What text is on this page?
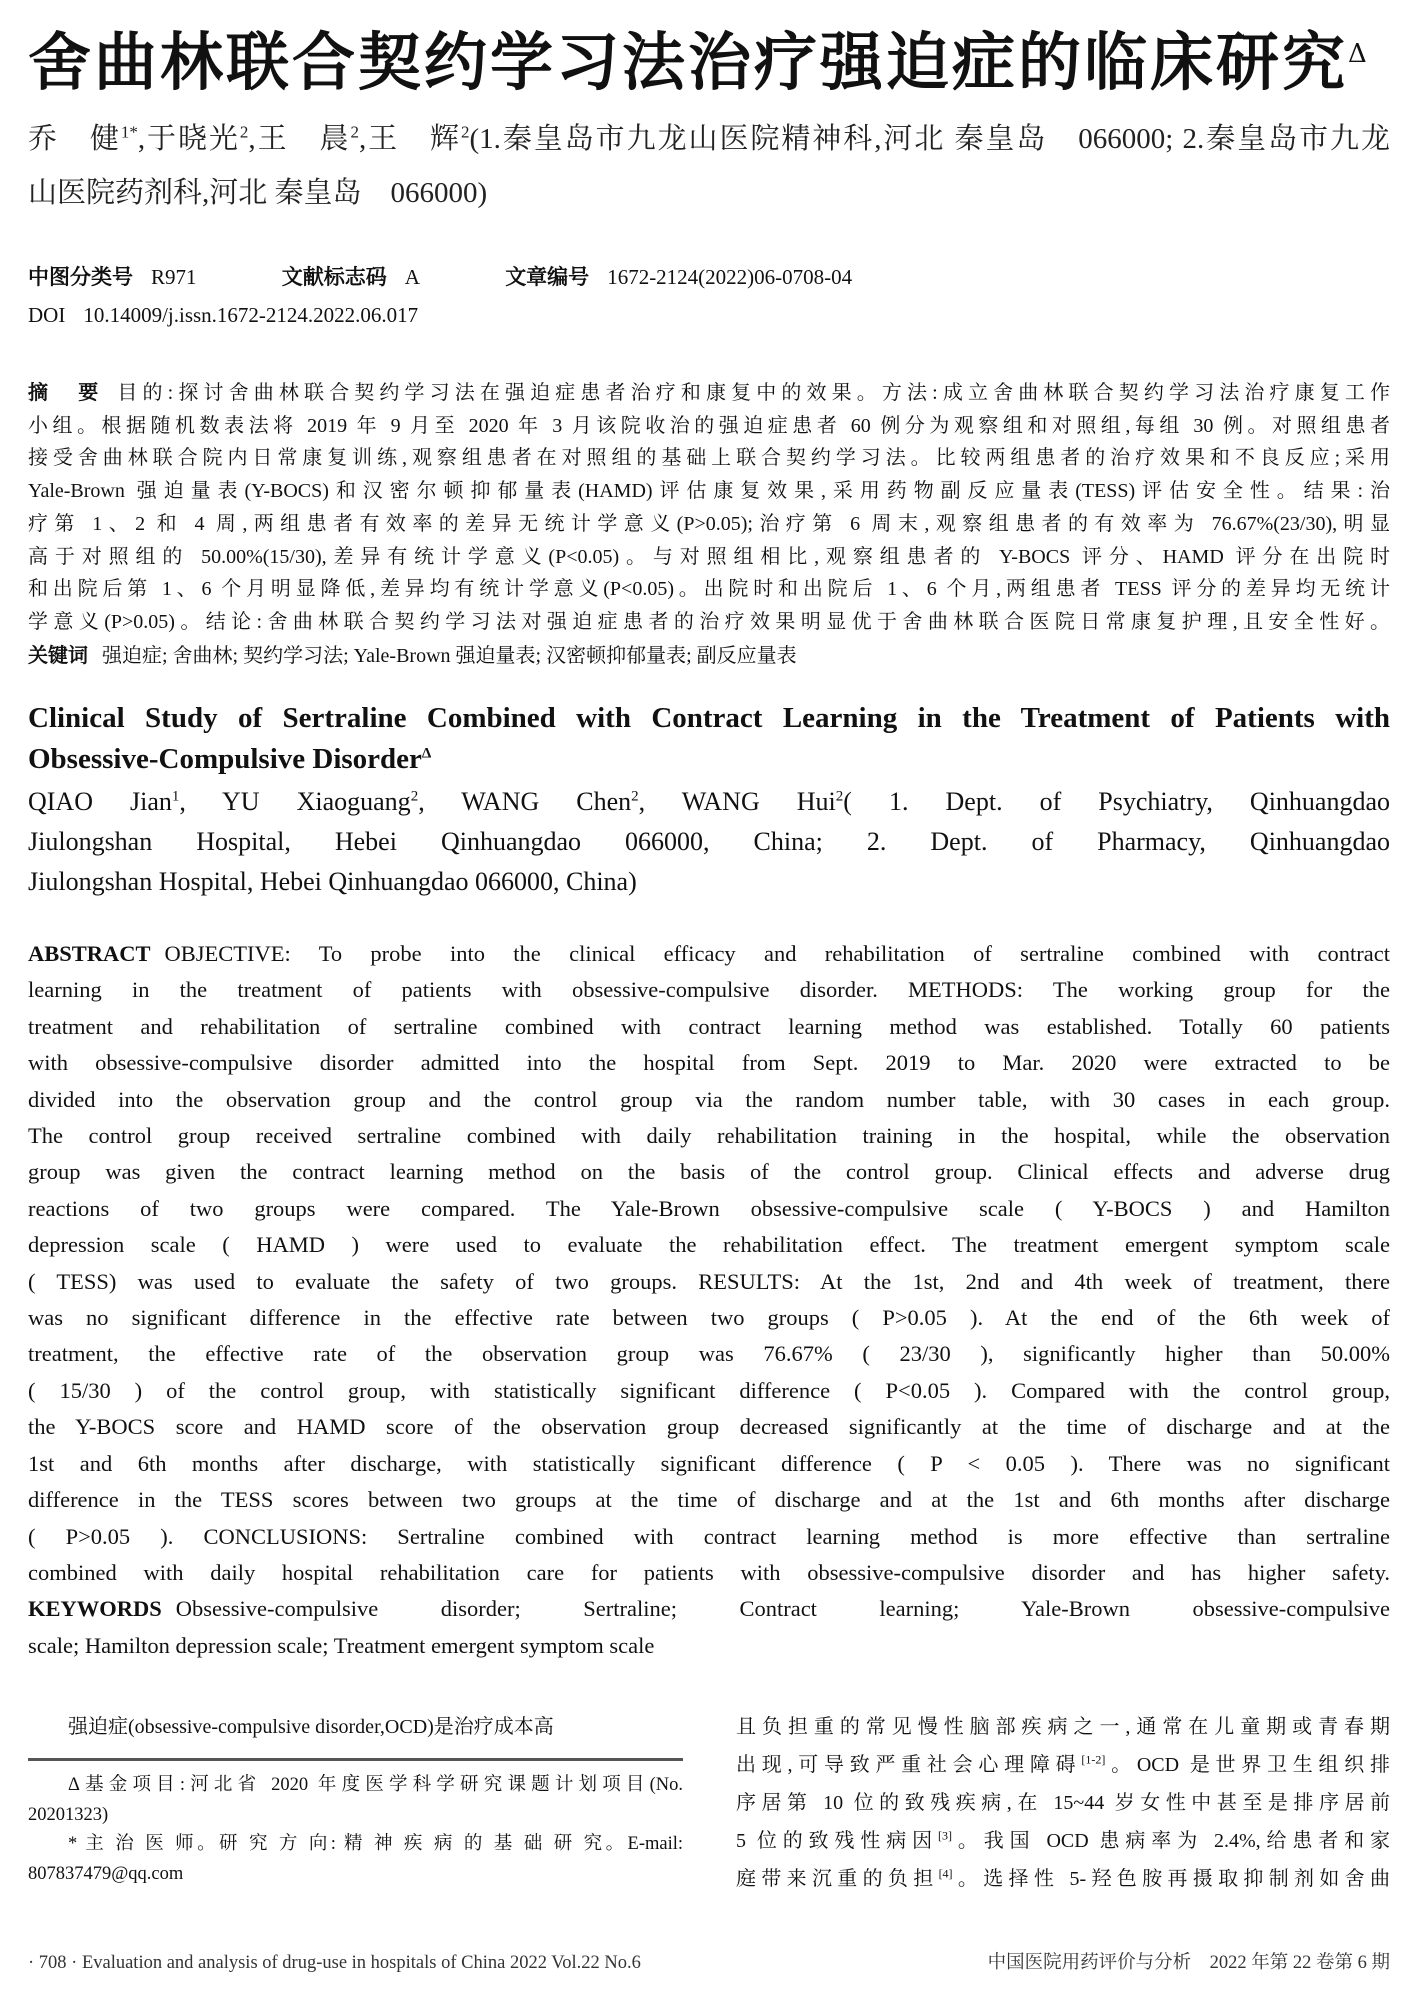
舍曲林联合契约学习法治疗强迫症的临床研究$^\Delta$
乔　健$^{1*}$,于晓光$^2$,王　晨$^2$,王　辉$^2$(1.秦皇岛市九龙山医院精神科,河北 秦皇岛　066000; 2.秦皇岛市九龙
山医院药剂科,河北 秦皇岛　066000)
中图分类号 R971	文献标志码 A	文章编号 1672-2124(2022)06-0708-04
DOI 10.14009/j.issn.1672-2124.2022.06.017
摘　要 目的:探讨舍曲林联合契约学习法在强迫症患者治疗和康复中的效果。方法:成立舍曲林联合契约学习法治疗康复工作
小组。根据随机数表法将 2019 年 9 月至 2020 年 3 月该院收治的强迫症患者 60 例分为观察组和对照组,每组 30 例。对照组患者
接受舍曲林联合院内日常康复训练,观察组患者在对照组的基础上联合契约学习法。比较两组患者的治疗效果和不良反应;采用
Yale-Brown 强迫量表(Y-BOCS)和汉密尔顿抑郁量表(HAMD)评估康复效果,采用药物副反应量表(TESS)评估安全性。结果:治
疗第 1、2 和 4 周,两组患者有效率的差异无统计学意义(P>0.05);治疗第 6 周末,观察组患者的有效率为 76.67%(23/30),明显
高于对照组的 50.00%(15/30),差异有统计学意义(P<0.05)。与对照组相比,观察组患者的 Y-BOCS 评分、HAMD 评分在出院时
和出院后第 1、6 个月明显降低,差异均有统计学意义(P<0.05)。出院时和出院后 1、6 个月,两组患者 TESS 评分的差异均无统计
学意义(P>0.05)。结论:舍曲林联合契约学习法对强迫症患者的治疗效果明显优于舍曲林联合医院日常康复护理,且安全性好。
关键词 强迫症; 舍曲林; 契约学习法; Yale-Brown 强迫量表; 汉密顿抑郁量表; 副反应量表
Clinical Study of Sertraline Combined with Contract Learning in the Treatment of Patients with
Obsessive-Compulsive Disorder$^\Delta$
QIAO Jian$^1$, YU Xiaoguang$^2$, WANG Chen$^2$, WANG Hui$^2$( 1. Dept. of Psychiatry, Qinhuangdao
Jiulongshan Hospital, Hebei Qinhuangdao 066000, China; 2. Dept. of Pharmacy, Qinhuangdao
Jiulongshan Hospital, Hebei Qinhuangdao 066000, China)
ABSTRACT OBJECTIVE: To probe into the clinical efficacy and rehabilitation of sertraline combined with contract
learning in the treatment of patients with obsessive-compulsive disorder. METHODS: The working group for the
treatment and rehabilitation of sertraline combined with contract learning method was established. Totally 60 patients
with obsessive-compulsive disorder admitted into the hospital from Sept. 2019 to Mar. 2020 were extracted to be
divided into the observation group and the control group via the random number table, with 30 cases in each group.
The control group received sertraline combined with daily rehabilitation training in the hospital, while the observation
group was given the contract learning method on the basis of the control group. Clinical effects and adverse drug
reactions of two groups were compared. The Yale-Brown obsessive-compulsive scale ( Y-BOCS ) and Hamilton
depression scale ( HAMD ) were used to evaluate the rehabilitation effect. The treatment emergent symptom scale
( TESS) was used to evaluate the safety of two groups. RESULTS: At the 1st, 2nd and 4th week of treatment, there
was no significant difference in the effective rate between two groups ( P>0.05 ). At the end of the 6th week of
treatment, the effective rate of the observation group was 76.67% ( 23/30 ), significantly higher than 50.00%
( 15/30 ) of the control group, with statistically significant difference ( P<0.05 ). Compared with the control group,
the Y-BOCS score and HAMD score of the observation group decreased significantly at the time of discharge and at the
1st and 6th months after discharge, with statistically significant difference ( P < 0.05 ). There was no significant
difference in the TESS scores between two groups at the time of discharge and at the 1st and 6th months after discharge
( P>0.05 ). CONCLUSIONS: Sertraline combined with contract learning method is more effective than sertraline
combined with daily hospital rehabilitation care for patients with obsessive-compulsive disorder and has higher safety.
KEYWORDS Obsessive-compulsive disorder; Sertraline; Contract learning; Yale-Brown obsessive-compulsive
scale; Hamilton depression scale; Treatment emergent symptom scale
强迫症(obsessive-compulsive disorder,OCD)是治疗成本高
Δ基金项目:河北省 2020 年度医学科学研究课题计划项目(No.
20201323)
* 主 治 医 师。研 究 方 向: 精 神 疾 病 的 基 础 研 究。E-mail:
807837479@qq.com
且负担重的常见慢性脑部疾病之一,通常在儿童期或青春期
出现,可导致严重社会心理障碍[1-2]。OCD 是世界卫生组织排
序居第 10 位的致残疾病,在 15~44 岁女性中甚至是排序居前
5 位的致残性病因[3]。我国 OCD 患病率为 2.4%,给患者和家
庭带来沉重的负担[4]。选择性 5-羟色胺再摄取抑制剂如舍曲
· 708 · Evaluation and analysis of drug-use in hospitals of China 2022 Vol.22 No.6	中国医院用药评价与分析　2022 年第 22 卷第 6 期
